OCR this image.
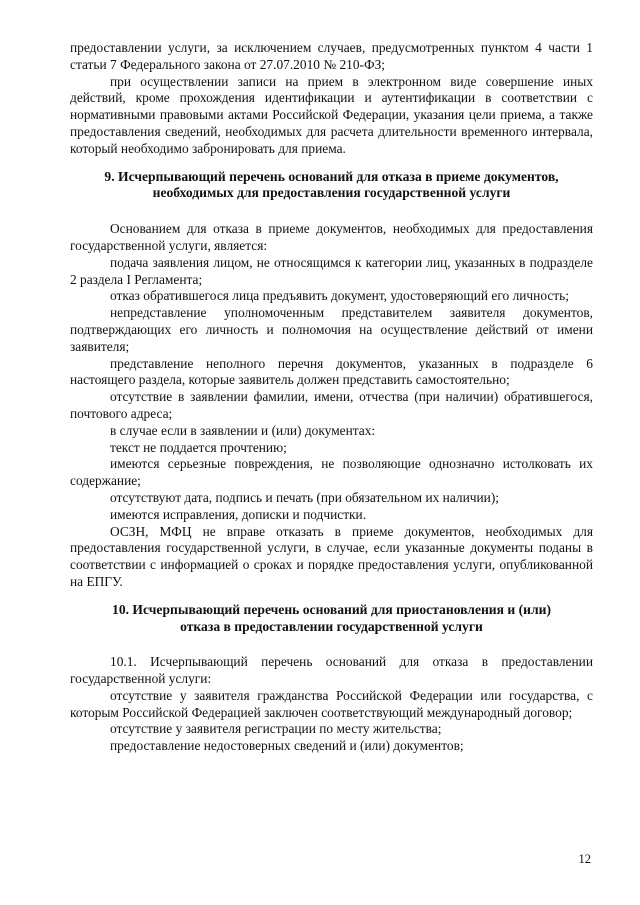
предоставлении услуги, за исключением случаев, предусмотренных пунктом 4 части 1 статьи 7 Федерального закона от 27.07.2010 № 210-ФЗ;

при осуществлении записи на прием в электронном виде совершение иных действий, кроме прохождения идентификации и аутентификации в соответствии с нормативными правовыми актами Российской Федерации, указания цели приема, а также предоставления сведений, необходимых для расчета длительности временного интервала, который необходимо забронировать для приема.

9. Исчерпывающий перечень оснований для отказа в приеме документов,
необходимых для предоставления государственной услуги

Основанием для отказа в приеме документов, необходимых для предоставления государственной услуги, является:

подача заявления лицом, не относящимся к категории лиц, указанных в подразделе 2 раздела I Регламента;

отказ обратившегося лица предъявить документ, удостоверяющий его личность;

непредставление уполномоченным представителем заявителя документов, подтверждающих его личность и полномочия на осуществление действий от имени заявителя;

представление неполного перечня документов, указанных в подразделе 6 настоящего раздела, которые заявитель должен представить самостоятельно;

отсутствие в заявлении фамилии, имени, отчества (при наличии) обратившегося, почтового адреса;

в случае если в заявлении и (или) документах:

текст не поддается прочтению;

имеются серьезные повреждения, не позволяющие однозначно истолковать их содержание;

отсутствуют дата, подпись и печать (при обязательном их наличии);

имеются исправления, дописки и подчистки.

ОСЗН, МФЦ не вправе отказать в приеме документов, необходимых для предоставления государственной услуги, в случае, если указанные документы поданы в соответствии с информацией о сроках и порядке предоставления услуги, опубликованной на ЕПГУ.

10. Исчерпывающий перечень оснований для приостановления и (или)
отказа в предоставлении государственной услуги

10.1. Исчерпывающий перечень оснований для отказа в предоставлении государственной услуги:

отсутствие у заявителя гражданства Российской Федерации или государства, с которым Российской Федерацией заключен соответствующий международный договор;

отсутствие у заявителя регистрации по месту жительства;

предоставление недостоверных сведений и (или) документов;

12
